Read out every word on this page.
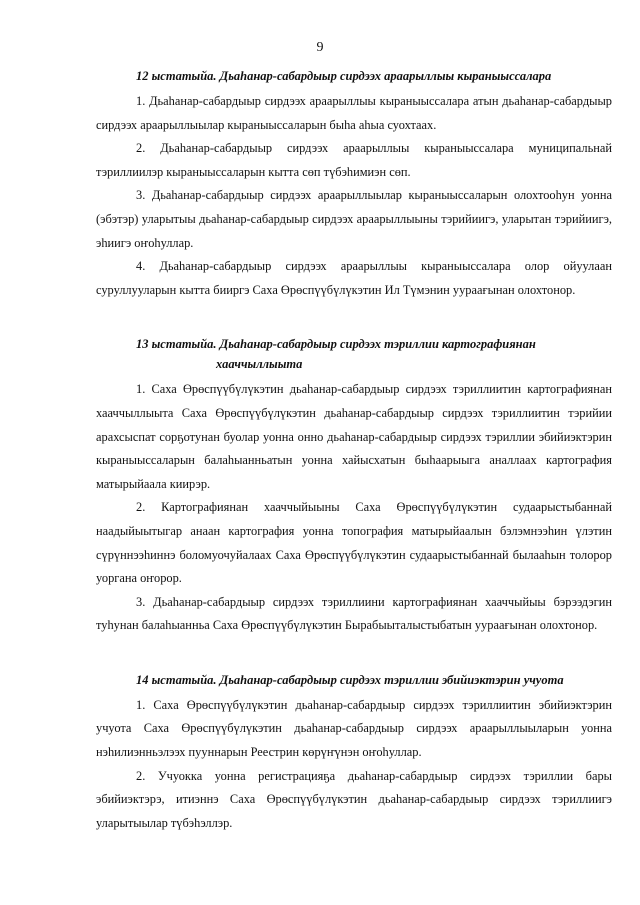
9

12 ыстатыйа. Дьаһанар-сабардыыр сирдээх араарыллыы кыраныыссалара

1. Дьаһанар-сабардыыр сирдээх араарыллыы кыраныыссалара атын дьаһанар-сабардыыр сирдээх араарыллыылар кыраныыссаларын быһа аһыа суохтаах.

2. Дьаһанар-сабардыыр сирдээх араарыллыы кыраныыссалара муниципальнай тэриллиилэр кыраныыссаларын кытта сөп түбэһимиэн сөп.

3. Дьаһанар-сабардыыр сирдээх араарыллыылар кыраныыссаларын олохтооһун уонна (эбэтэр) уларытыы дьаһанар-сабардыыр сирдээх араарыллыыны тэрийиигэ, уларытан тэрийиигэ, эһиигэ оҥоһуллар.

4. Дьаһанар-сабардыыр сирдээх араарыллыы кыраныыссалара олор ойуулаан суруллууларын кытта бииргэ Саха Өрөспүүбүлүкэтин Ил Түмэнин уураағынан олохтонор.

13 ыстатыйа. Дьаһанар-сабардыыр сирдээх тэриллии картографиянан

хааччыллыыта

1. Саха Өрөспүүбүлүкэтин дьаһанар-сабардыыр сирдээх тэриллиитин картографиянан хааччыллыыта Саха Өрөспүүбүлүкэтин дьаһанар-сабардыыр сирдээх тэриллиитин тэрийии арахсыспат сорҕотунан буолар уонна онно дьаһанар-сабардыыр сирдээх тэриллии эбийиэктэрин кыраныыссаларын балаһыанньатын уонна хайысхатын быһаарыыга аналлаах картография матырыйаала киирэр.

2. Картографиянан хааччыйыыны Саха Өрөспүүбүлүкэтин судаарыстыбаннай наадыйыытыгар анаан картография уонна топография матырыйаалын бэлэмнээһин үлэтин сүрүннээһиннэ боломуочуйалаах Саха Өрөспүүбүлүкэтин судаарыстыбаннай былааһын толорор уоргана оҥорор.

3. Дьаһанар-сабардыыр сирдээх тэриллиини картографиянан хааччыйыы бэрээдэгин туһунан балаһыанньа Саха Өрөспүүбүлүкэтин Бырабыыталыстыбатын уураағынан олохтонор.

14 ыстатыйа. Дьаһанар-сабардыыр сирдээх тэриллии эбийиэктэрин учуота

1. Саха Өрөспүүбүлүкэтин дьаһанар-сабардыыр сирдээх тэриллиитин эбийиэктэрин учуота Саха Өрөспүүбүлүкэтин дьаһанар-сабардыыр сирдээх араарыллыыларын уонна нэһилиэнньэлээх пууннарын Реестрин көрүҥүнэн оҥоһуллар.

2. Учуокка уонна регистрацияҕа дьаһанар-сабардыыр сирдээх тэриллии бары эбийиэктэрэ, итиэннэ Саха Өрөспүүбүлүкэтин дьаһанар-сабардыыр сирдээх тэриллиигэ уларытыылар түбэһэллэр.
